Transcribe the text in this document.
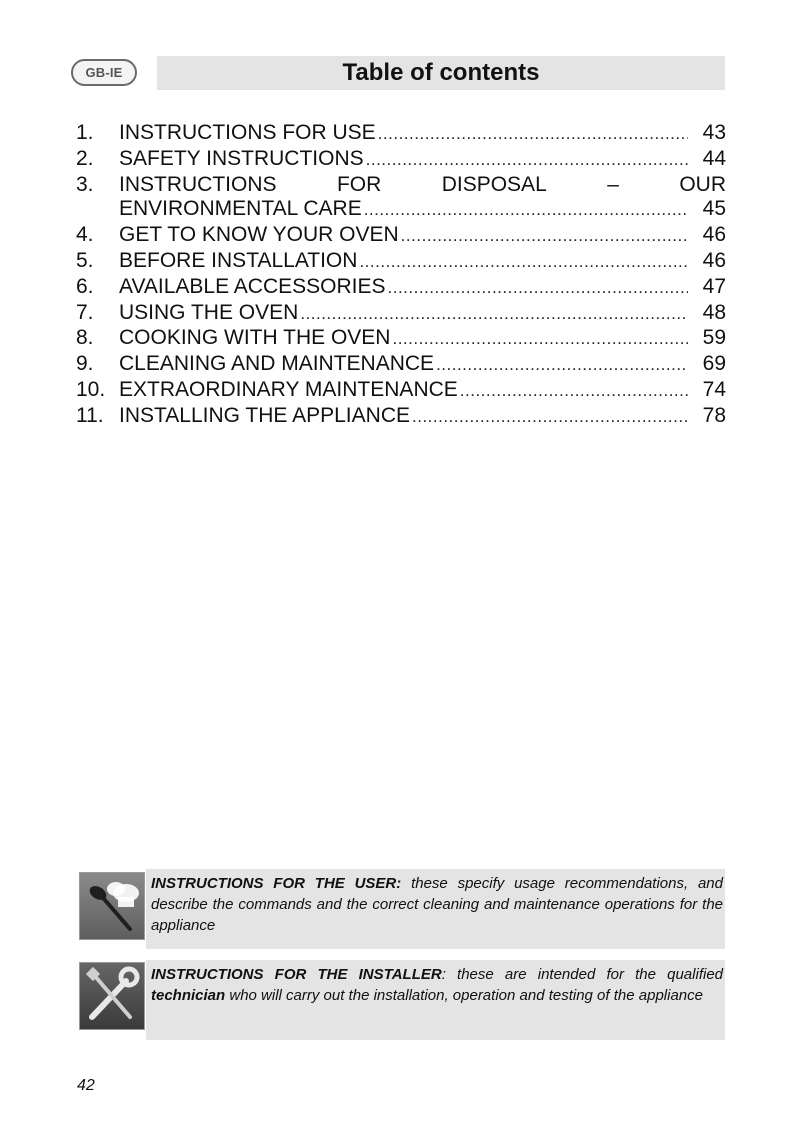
GB-IE	Table of contents
1.	INSTRUCTIONS FOR USE .....	43
2.	SAFETY INSTRUCTIONS .....	44
3.	INSTRUCTIONS	FOR	DISPOSAL	–	OUR
ENVIRONMENTAL CARE .....	45
4.	GET TO KNOW YOUR OVEN .....	46
5.	BEFORE INSTALLATION .....	46
6.	AVAILABLE ACCESSORIES .....	47
7.	USING THE OVEN .....	48
8.	COOKING WITH THE OVEN .....	59
9.	CLEANING AND MAINTENANCE .....	69
10. EXTRAORDINARY MAINTENANCE .....	74
11. INSTALLING THE APPLIANCE .....	78
INSTRUCTIONS FOR THE USER: these specify usage recommendations, and describe the commands and the correct cleaning and maintenance operations for the appliance
INSTRUCTIONS FOR THE INSTALLER: these are intended for the qualified technician who will carry out the installation, operation and testing of the appliance
42
